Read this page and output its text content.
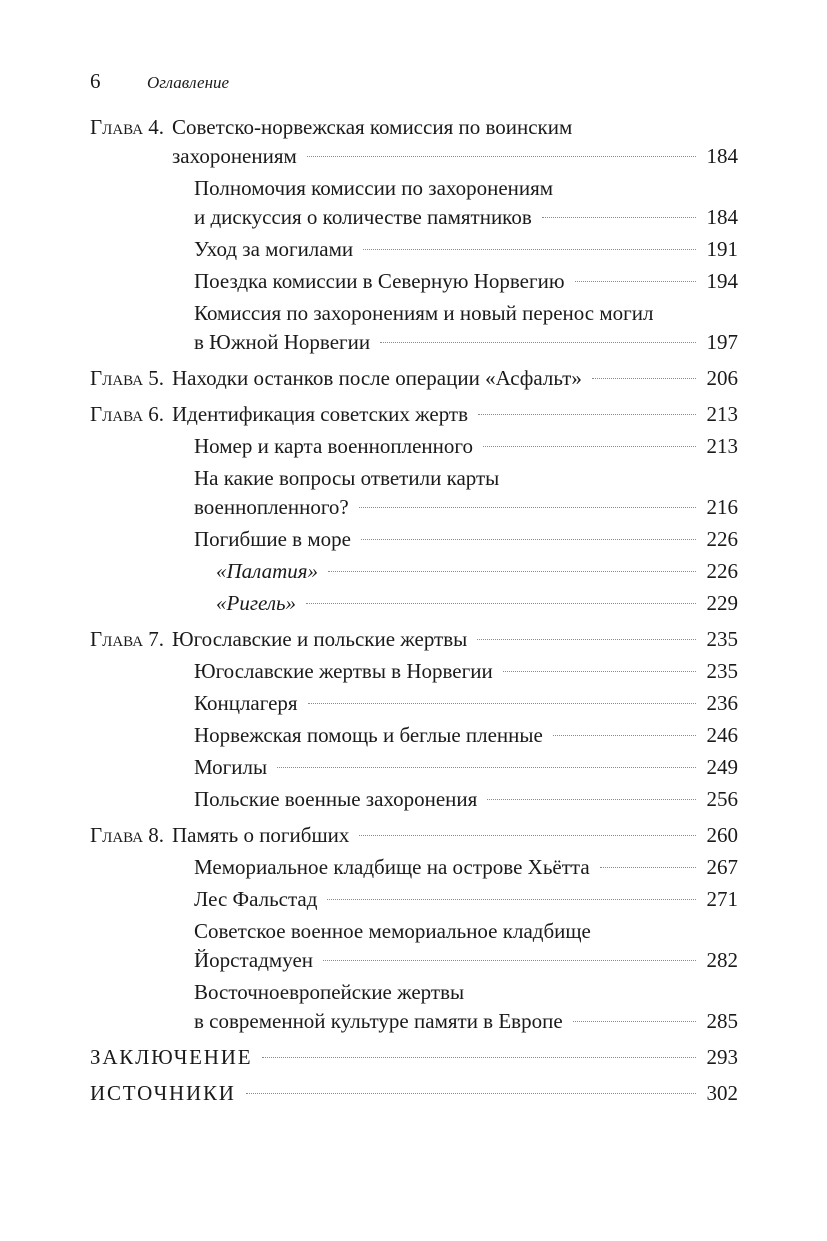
6	Оглавление
Глава 4. Советско-норвежская комиссия по воинским
захоронениям	184
Полномочия комиссии по захоронениям
и дискуссия о количестве памятников	184
Уход за могилами	191
Поездка комиссии в Северную Норвегию	194
Комиссия по захоронениям и новый перенос могил
в Южной Норвегии	197
Глава 5. Находки останков после операции «Асфальт»	206
Глава 6. Идентификация советских жертв	213
Номер и карта военнопленного	213
На какие вопросы ответили карты
военнопленного?	216
Погибшие в море	226
«Палатия»	226
«Ригель»	229
Глава 7. Югославские и польские жертвы	235
Югославские жертвы в Норвегии	235
Концлагеря	236
Норвежская помощь и беглые пленные	246
Могилы	249
Польские военные захоронения	256
Глава 8. Память о погибших	260
Мемориальное кладбище на острове Хьётта	267
Лес Фальстад	271
Советское военное мемориальное кладбище
Йорстадмуен	282
Восточноевропейские жертвы
в современной культуре памяти в Европе	285
ЗАКЛЮЧЕНИЕ	293
ИСТОЧНИКИ	302
